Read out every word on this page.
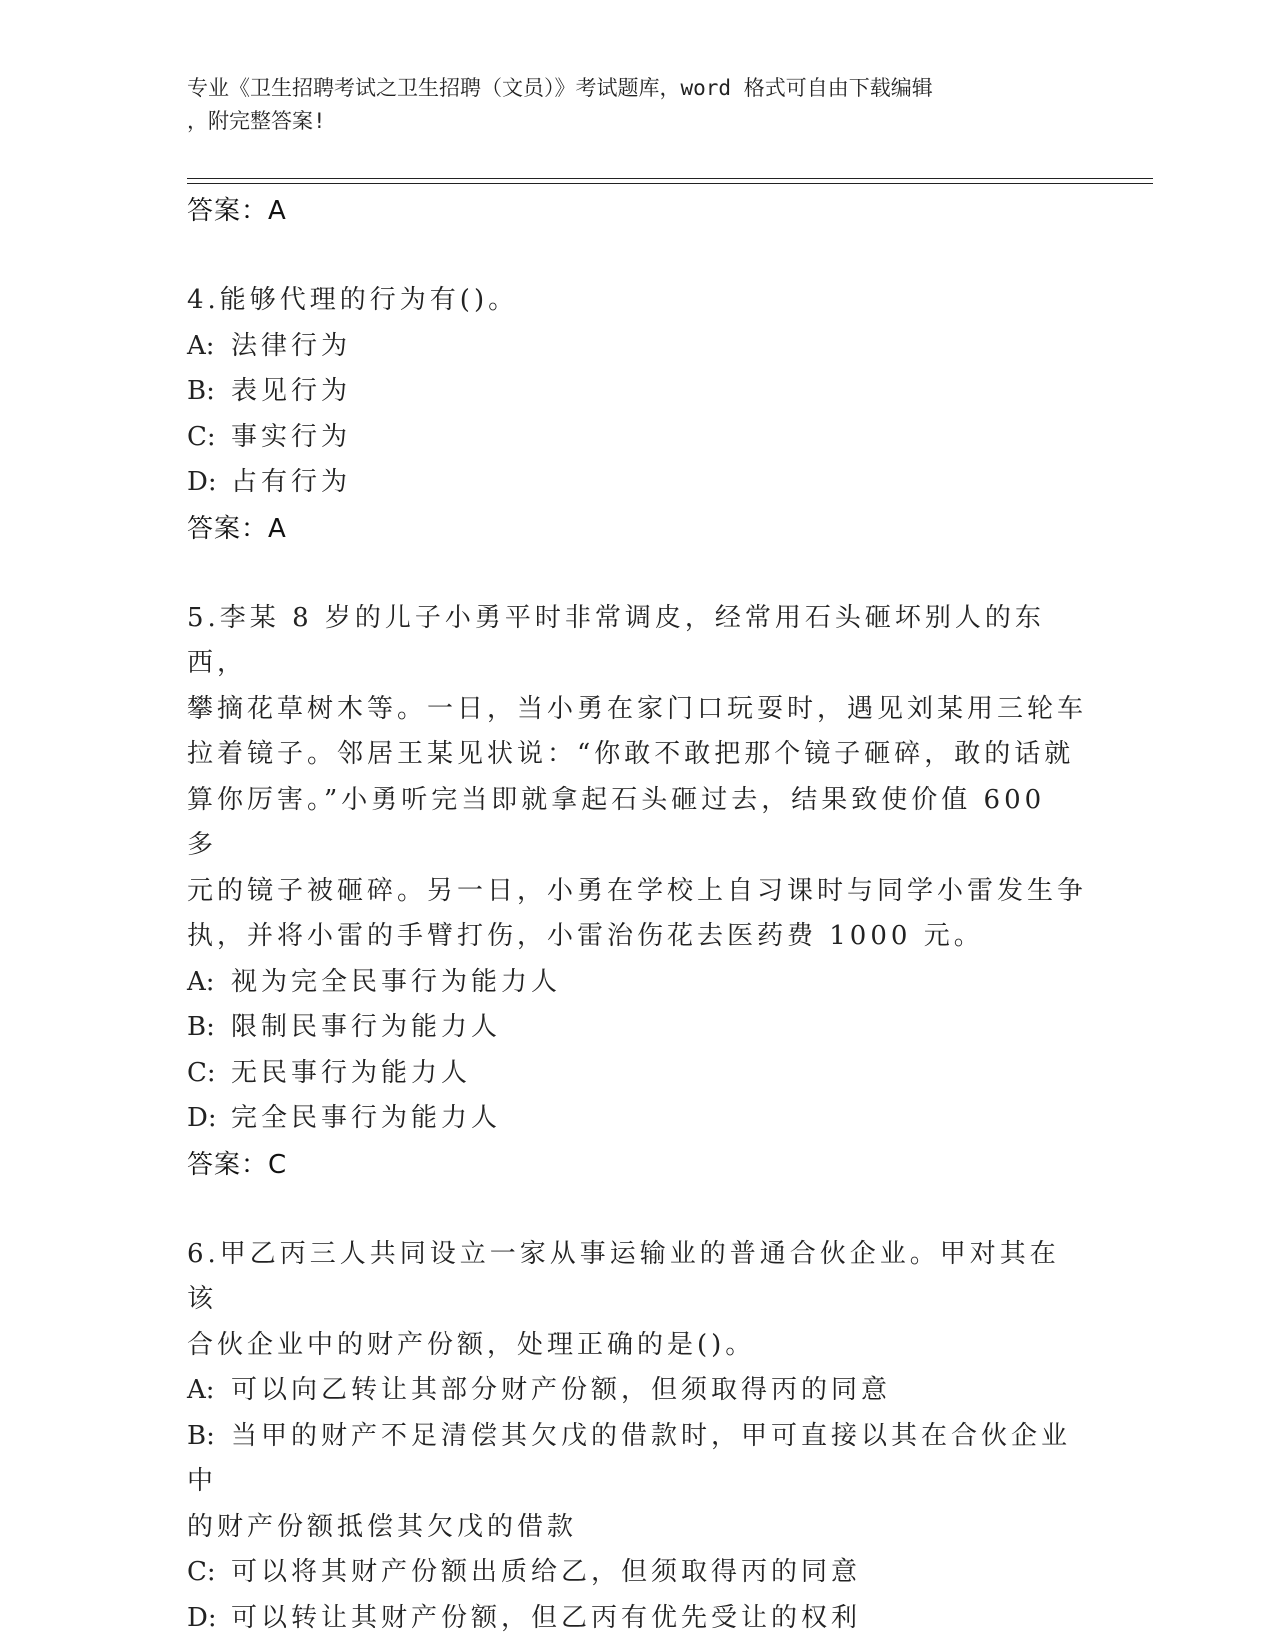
专业《卫生招聘考试之卫生招聘（文员）》考试题库，word 格式可自由下载编辑
，附完整答案!
答案：A
4.能够代理的行为有()。
A: 法律行为
B: 表见行为
C: 事实行为
D: 占有行为
答案：A
5.李某 8 岁的儿子小勇平时非常调皮，经常用石头砸坏别人的东西，
攀摘花草树木等。一日，当小勇在家门口玩耍时，遇见刘某用三轮车
拉着镜子。邻居王某见状说：“你敢不敢把那个镜子砸碎，敢的话就
算你厉害。”小勇听完当即就拿起石头砸过去，结果致使价值 600 多
元的镜子被砸碎。另一日，小勇在学校上自习课时与同学小雷发生争
执，并将小雷的手臂打伤，小雷治伤花去医药费 1000 元。
A: 视为完全民事行为能力人
B: 限制民事行为能力人
C: 无民事行为能力人
D: 完全民事行为能力人
答案：C
6.甲乙丙三人共同设立一家从事运输业的普通合伙企业。甲对其在该
合伙企业中的财产份额，处理正确的是()。
A: 可以向乙转让其部分财产份额，但须取得丙的同意
B: 当甲的财产不足清偿其欠戊的借款时，甲可直接以其在合伙企业中
的财产份额抵偿其欠戊的借款
C: 可以将其财产份额出质给乙，但须取得丙的同意
D: 可以转让其财产份额，但乙丙有优先受让的权利
